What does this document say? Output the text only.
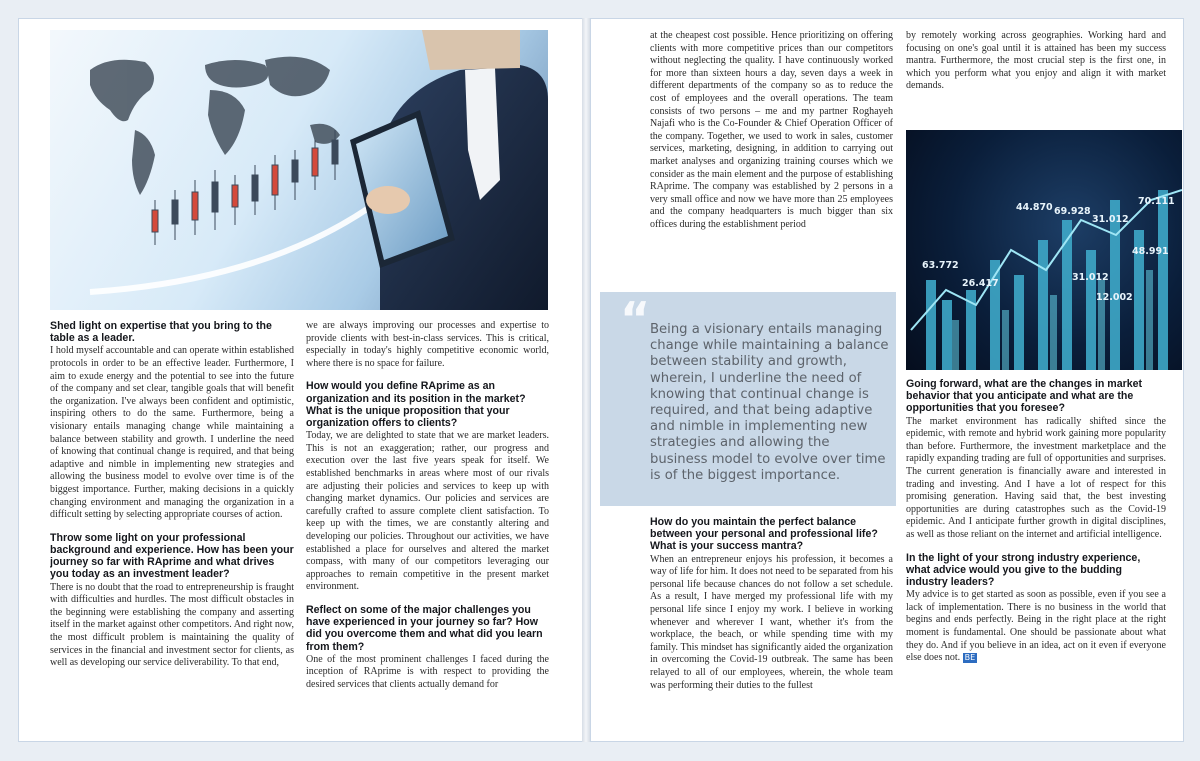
63.772
26.417
44.870 69.928
31.012
31.012
12.002
48.991
70.111
Shed light on expertise that you bring to the table as a leader.

I hold myself accountable and can operate within established protocols in order to be an effective leader. Furthermore, I aim to exude energy and the potential to see into the future of the company and set clear, tangible goals that will benefit the organization. I've always been confident and optimistic, inspiring others to do the same. Furthermore, being a visionary entails managing change while maintaining a balance between stability and growth. I underline the need of knowing that continual change is required, and that being adaptive and nimble in implementing new strategies and allowing the business model to evolve over time is of the biggest importance. Further, making decisions in a quickly changing environment and managing the organization in a difficult setting by selecting appropriate courses of action.

Throw some light on your professional background and experience. How has been your journey so far with RAprime and what drives you today as an investment leader?

There is no doubt that the road to entrepreneurship is fraught with difficulties and hurdles. The most difficult obstacles in the beginning were establishing the company and asserting itself in the market against other competitors. And right now, the most difficult problem is maintaining the quality of services in the financial and investment sector for clients, as well as developing our service deliverability. To that end,

we are always improving our processes and expertise to provide clients with best-in-class services. This is critical, especially in today's highly competitive economic world, where there is no space for failure.

How would you define RAprime as an organization and its position in the market? What is the unique proposition that your organization offers to clients?

Today, we are delighted to state that we are market leaders. This is not an exaggeration; rather, our progress and execution over the last five years speak for itself. We established benchmarks in areas where most of our rivals are adjusting their policies and services to keep up with changing market dynamics. Our policies and services are carefully crafted to assure complete client satisfaction. To keep up with the times, we are constantly altering and developing our policies. Throughout our activities, we have established a place for ourselves and altered the market compass, with many of our competitors leveraging our approaches to remain competitive in the present market environment.

Reflect on some of the major challenges you have experienced in your journey so far? How did you overcome them and what did you learn from them?

One of the most prominent challenges I faced during the inception of RAprime is with respect to providing the desired services that clients actually demand for

at the cheapest cost possible. Hence prioritizing on offering clients with more competitive prices than our competitors without neglecting the quality. I have continuously worked for more than sixteen hours a day, seven days a week in different departments of the company so as to reduce the cost of employees and the overall operations. The team consists of two persons – me and my partner Roghayeh Najafi who is the Co-Founder & Chief Operation Officer of the company. Together, we used to work in sales, customer services, marketing, designing, in addition to carrying out market analyses and organizing training courses which we consider as the main element and the purpose of establishing RAprime. The company was established by 2 persons in a very small office and now we have more than 25 employees and the company headquarters is much bigger than six offices during the establishment period

“ Being a visionary entails managing change while maintaining a balance between stability and growth, wherein, I underline the need of knowing that continual change is required, and that being adaptive and nimble in implementing new strategies and allowing the business model to evolve over time is of the biggest importance.
How do you maintain the perfect balance between your personal and professional life? What is your success mantra?

When an entrepreneur enjoys his profession, it becomes a way of life for him. It does not need to be separated from his personal life because chances do not follow a set schedule. As a result, I have merged my professional life with my personal life since I enjoy my work. I believe in working whenever and wherever I want, whether it's from the workplace, the beach, or while spending time with my family. This mindset has significantly aided the organization in overcoming the Covid-19 outbreak. The same has been relayed to all of our employees, wherein, the whole team was performing their duties to the fullest

by remotely working across geographies. Working hard and focusing on one's goal until it is attained has been my success mantra. Furthermore, the most crucial step is the first one, in which you perform what you enjoy and align it with market demands.

Going forward, what are the changes in market behavior that you anticipate and what are the opportunities that you foresee?

The market environment has radically shifted since the epidemic, with remote and hybrid work gaining more popularity than before. Furthermore, the investment marketplace and the rapidly expanding trading are full of opportunities and surprises. The current generation is financially aware and interested in trading and investing. And I have a lot of respect for this promising generation. Having said that, the best investing opportunities are during catastrophes such as the Covid-19 epidemic. And I anticipate further growth in digital disciplines, as well as those reliant on the internet and artificial intelligence.

In the light of your strong industry experience, what advice would you give to the budding industry leaders?

My advice is to get started as soon as possible, even if you see a lack of implementation. There is no business in the world that begins and ends perfectly. Being in the right place at the right moment is fundamental. One should be passionate about what they do. And if you believe in an idea, act on it even if everyone else does not. BE
